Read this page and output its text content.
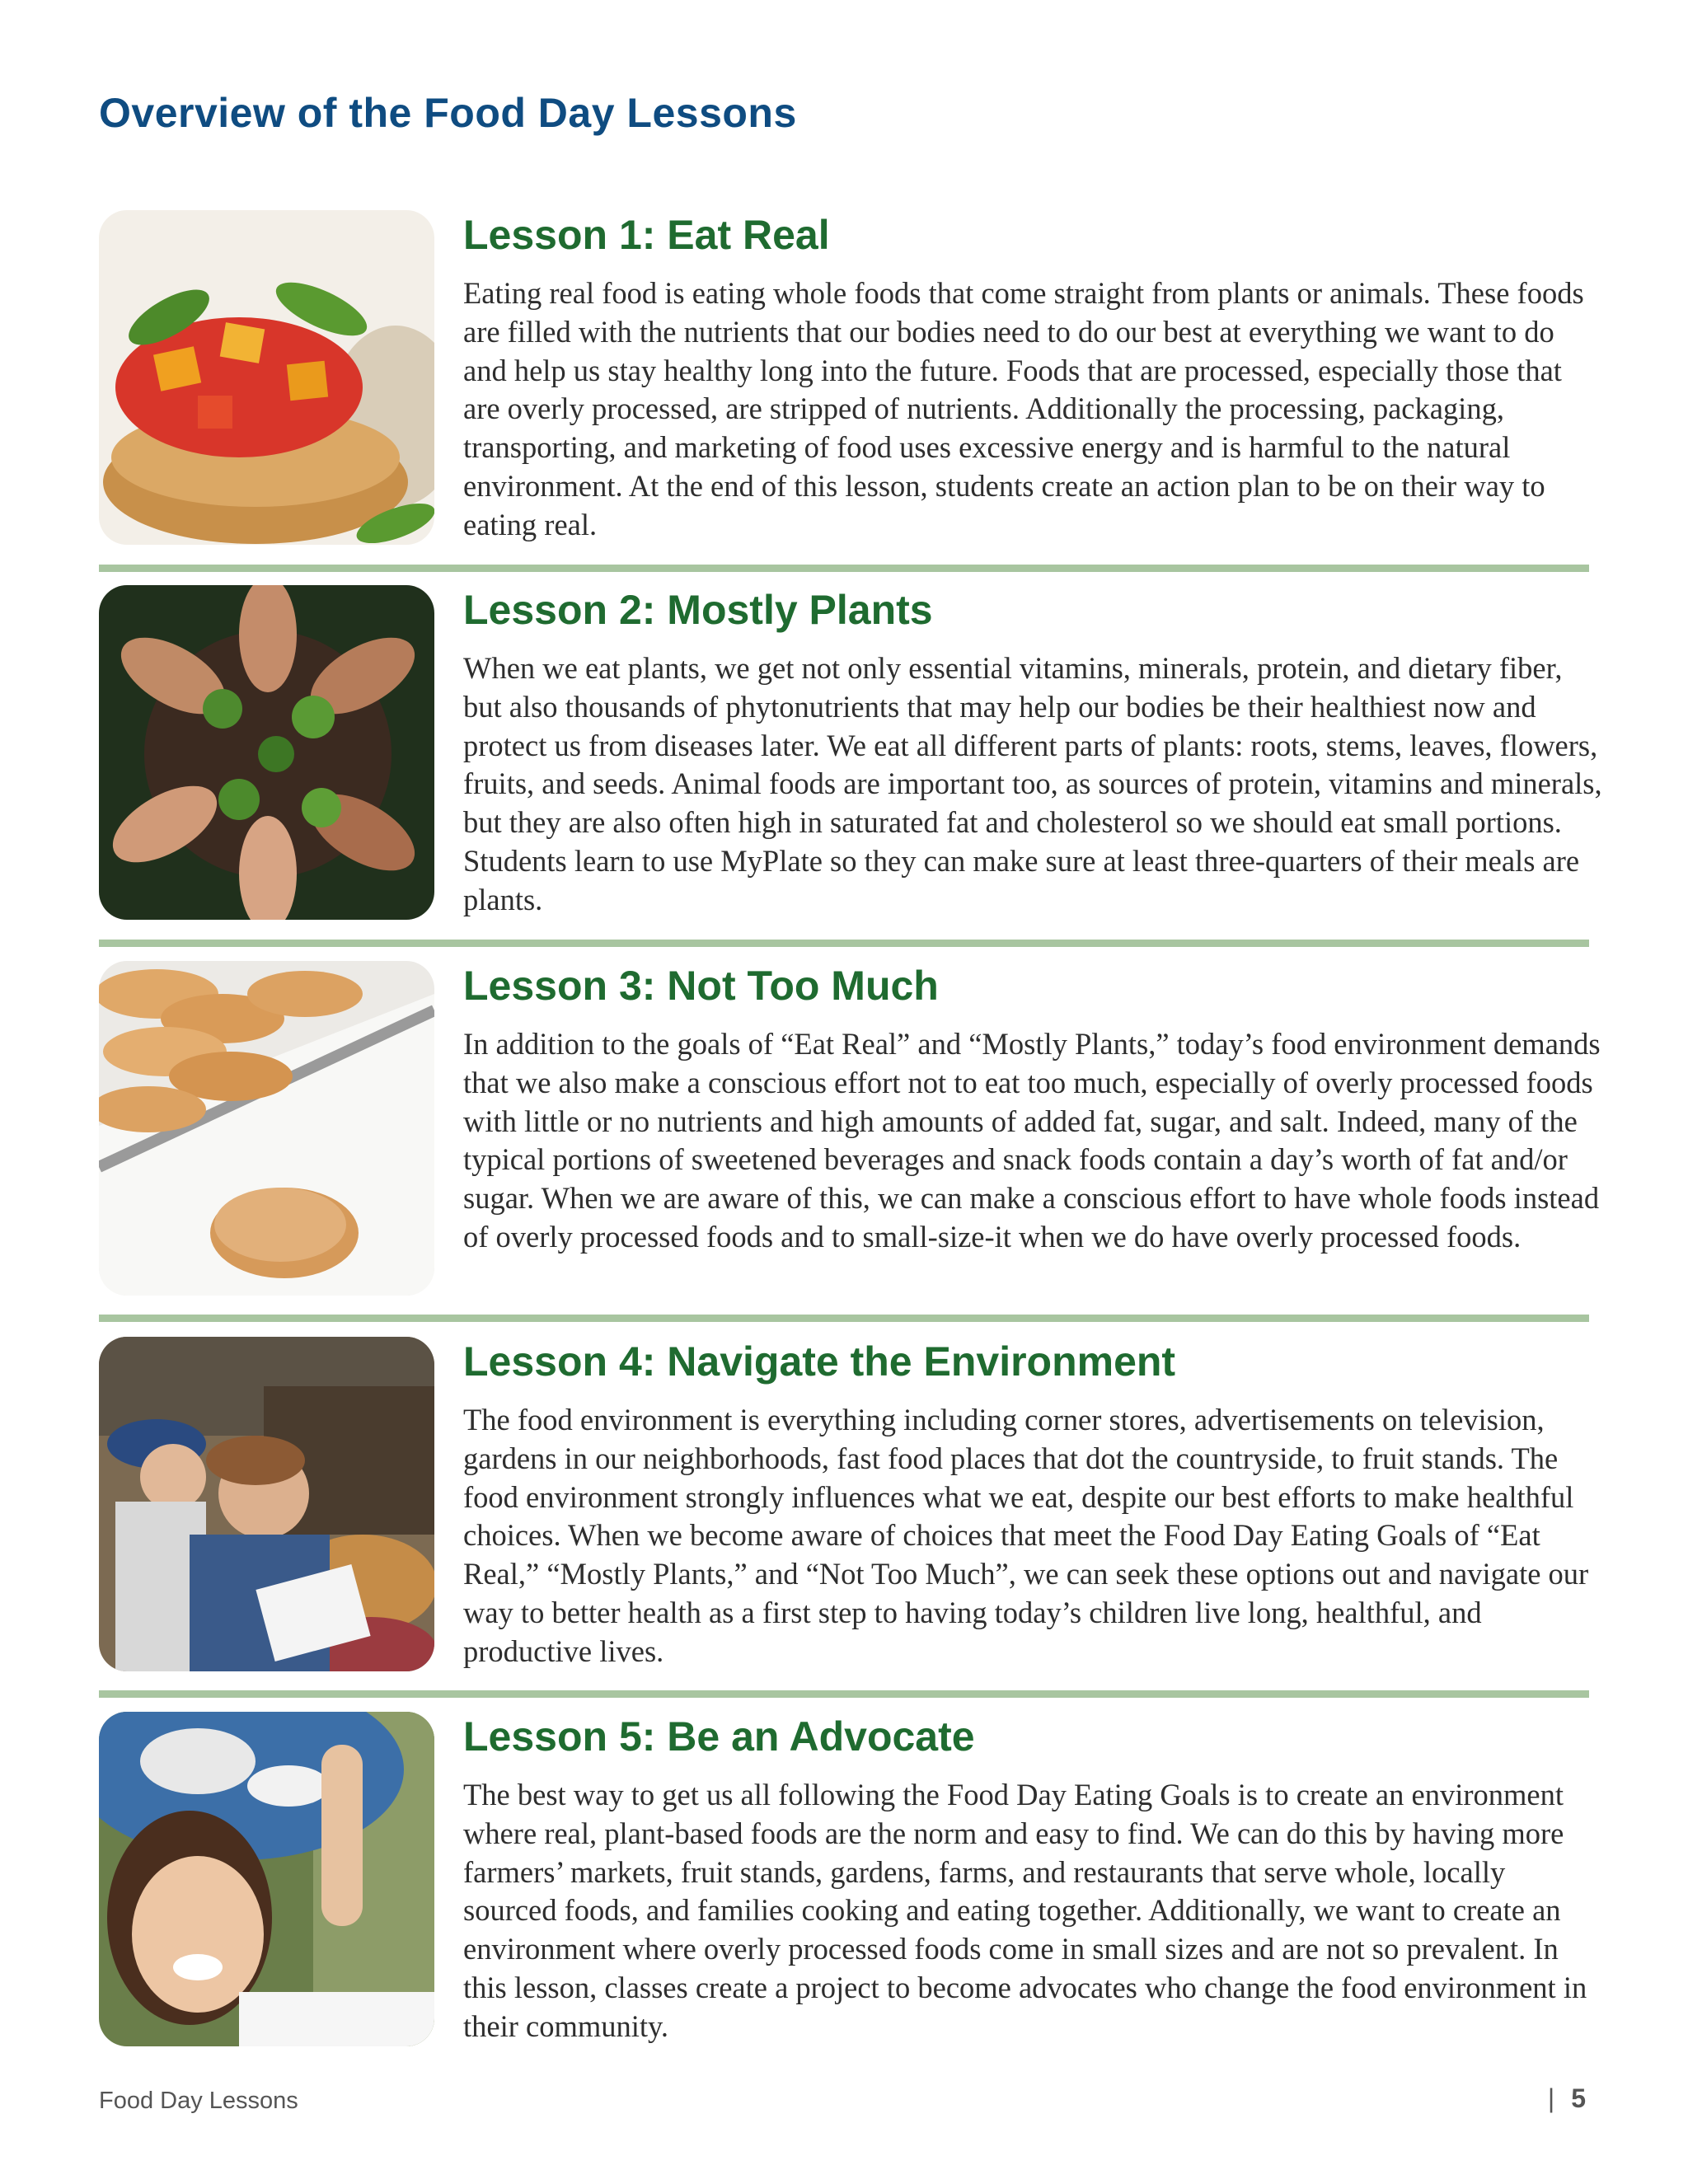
Overview of the Food Day Lessons
Lesson 1: Eat Real
Eating real food is eating whole foods that come straight from plants or animals. These foods are filled with the nutrients that our bodies need to do our best at everything we want to do and help us stay healthy long into the future. Foods that are processed, especially those that are overly processed, are stripped of nutrients. Additionally the processing, packaging, transporting, and marketing of food uses excessive energy and is harmful to the natural environment. At the end of this lesson, students create an action plan to be on their way to eating real.
Lesson 2: Mostly Plants
When we eat plants, we get not only essential vitamins, minerals, protein, and dietary fiber, but also thousands of phytonutrients that may help our bodies be their healthiest now and protect us from diseases later. We eat all different parts of plants: roots, stems, leaves, flowers, fruits, and seeds. Animal foods are important too, as sources of protein, vitamins and minerals, but they are also often high in saturated fat and cholesterol so we should eat small portions. Students learn to use MyPlate so they can make sure at least three-quarters of their meals are plants.
Lesson 3: Not Too Much
In addition to the goals of “Eat Real” and “Mostly Plants,” today’s food environment demands that we also make a conscious effort not to eat too much, especially of overly processed foods with little or no nutrients and high amounts of added fat, sugar, and salt. Indeed, many of the typical portions of sweetened beverages and snack foods contain a day’s worth of fat and/or sugar. When we are aware of this, we can make a conscious effort to have whole foods instead of overly processed foods and to small-size-it when we do have overly processed foods.
Lesson 4: Navigate the Environment
The food environment is everything including corner stores, advertisements on television, gardens in our neighborhoods, fast food places that dot the countryside, to fruit stands. The food environment strongly influences what we eat, despite our best efforts to make healthful choices. When we become aware of choices that meet the Food Day Eating Goals of “Eat Real,” “Mostly Plants,” and “Not Too Much”, we can seek these options out and navigate our way to better health as a first step to having today’s children live long, healthful, and productive lives.
Lesson 5: Be an Advocate
The best way to get us all following the Food Day Eating Goals is to create an environment where real, plant-based foods are the norm and easy to find. We can do this by having more farmers’ markets, fruit stands, gardens, farms, and restaurants that serve whole, locally sourced foods, and families cooking and eating together. Additionally, we want to create an environment where overly processed foods come in small sizes and are not so prevalent. In this lesson, classes create a project to become advocates who change the food environment in their community.
Food Day Lessons	| 5
